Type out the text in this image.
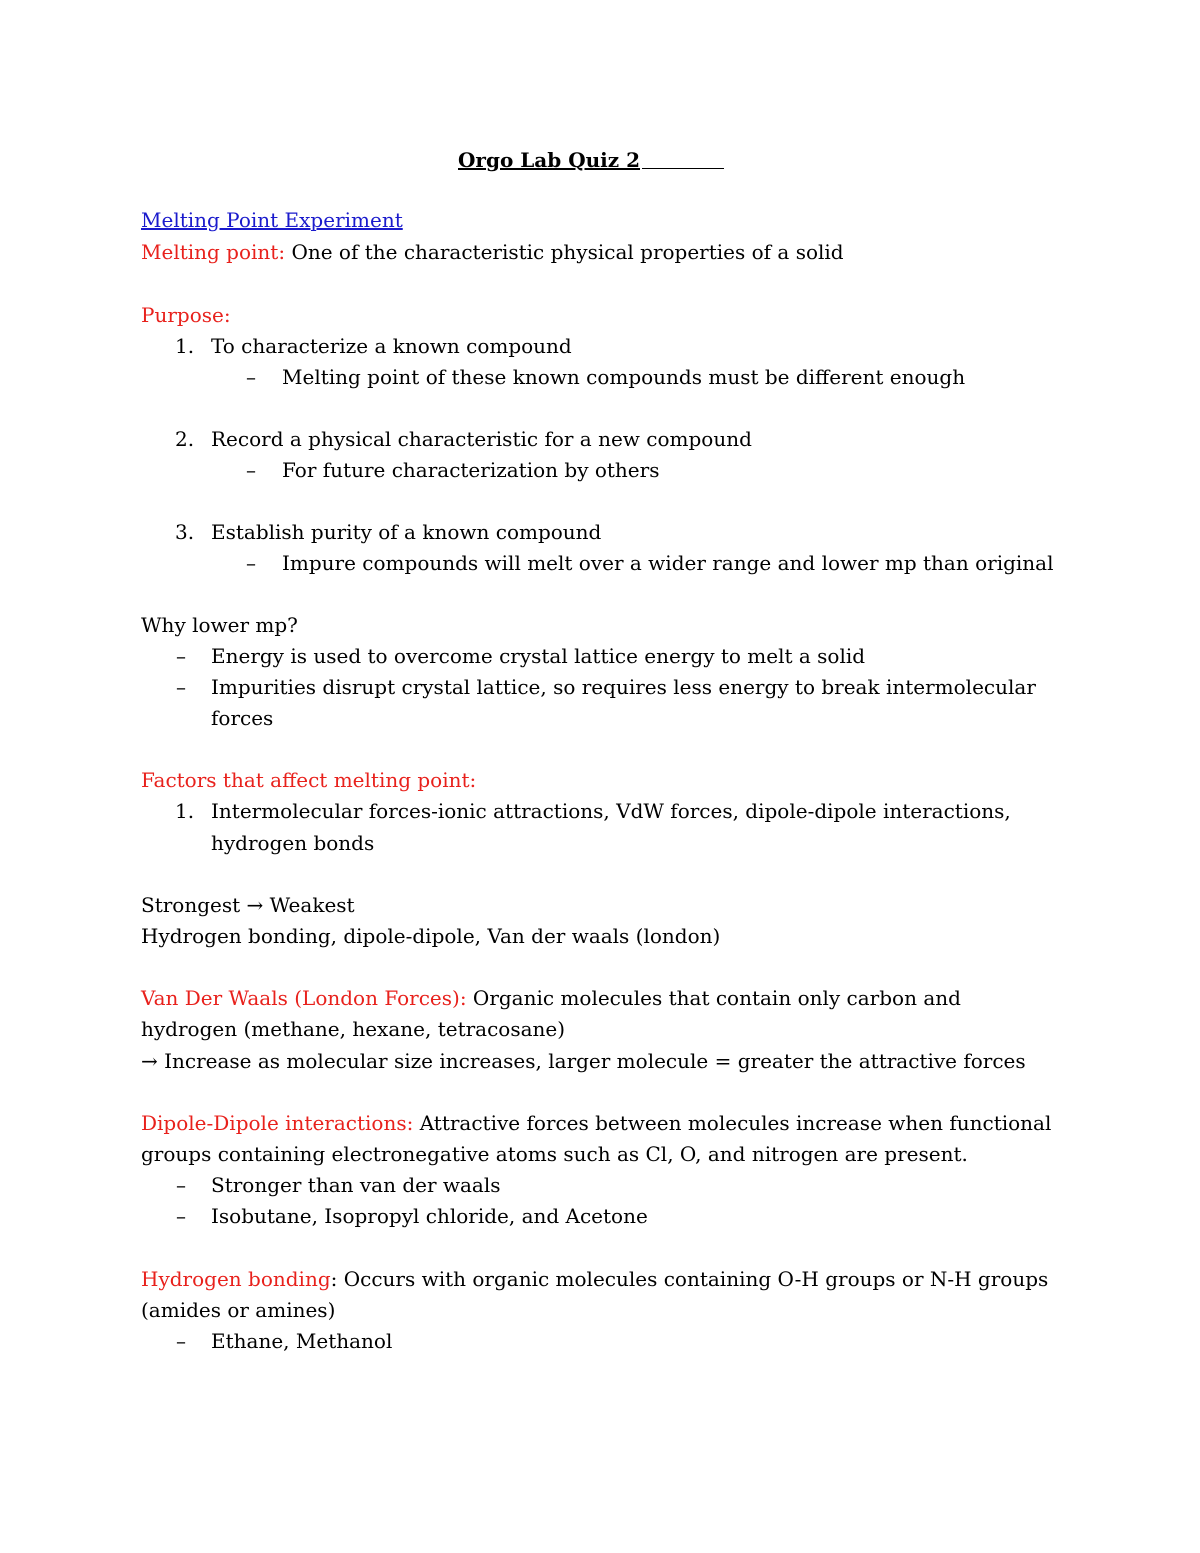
Orgo Lab Quiz 2
Melting Point Experiment
Melting point: One of the characteristic physical properties of a solid
Purpose:
1. To characterize a known compound
– Melting point of these known compounds must be different enough
2. Record a physical characteristic for a new compound
– For future characterization by others
3. Establish purity of a known compound
– Impure compounds will melt over a wider range and lower mp than original
Why lower mp?
– Energy is used to overcome crystal lattice energy to melt a solid
– Impurities disrupt crystal lattice, so requires less energy to break intermolecular
forces
Factors that affect melting point:
1. Intermolecular forces-ionic attractions, VdW forces, dipole-dipole interactions,
hydrogen bonds
Strongest → Weakest
Hydrogen bonding, dipole-dipole, Van der waals (london)
Van Der Waals (London Forces): Organic molecules that contain only carbon and
hydrogen (methane, hexane, tetracosane)
→ Increase as molecular size increases, larger molecule = greater the attractive forces
Dipole-Dipole interactions: Attractive forces between molecules increase when functional
groups containing electronegative atoms such as Cl, O, and nitrogen are present.
– Stronger than van der waals
– Isobutane, Isopropyl chloride, and Acetone
Hydrogen bonding: Occurs with organic molecules containing O-H groups or N-H groups
(amides or amines)
– Ethane, Methanol
